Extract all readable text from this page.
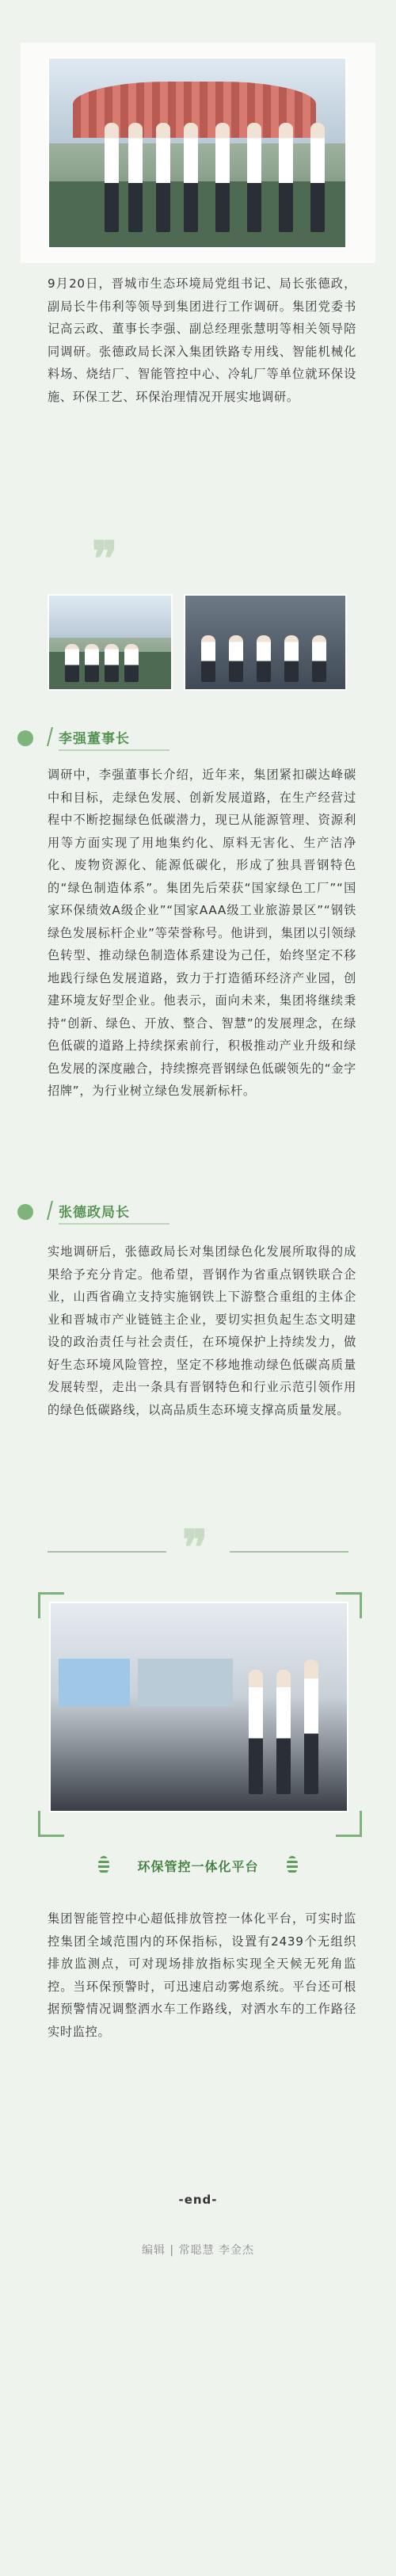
9月20日，晋城市生态环境局党组书记、局长张德政，副局长牛伟利等领导到集团进行工作调研。集团党委书记高云政、董事长李强、副总经理张慧明等相关领导陪同调研。张德政局长深入集团铁路专用线、智能机械化料场、烧结厂、智能管控中心、冷轧厂等单位就环保设施、环保工艺、环保治理情况开展实地调研。

❞
李强董事长

调研中，李强董事长介绍，近年来，集团紧扣碳达峰碳中和目标，走绿色发展、创新发展道路，在生产经营过程中不断挖掘绿色低碳潜力，现已从能源管理、资源利用等方面实现了用地集约化、原料无害化、生产洁净化、废物资源化、能源低碳化，形成了独具晋钢特色的“绿色制造体系”。集团先后荣获“国家绿色工厂”“国家环保绩效A级企业”“国家AAA级工业旅游景区”“钢铁绿色发展标杆企业”等荣誉称号。他讲到，集团以引领绿色转型、推动绿色制造体系建设为己任，始终坚定不移地践行绿色发展道路，致力于打造循环经济产业园，创建环境友好型企业。他表示，面向未来，集团将继续秉持“创新、绿色、开放、整合、智慧”的发展理念，在绿色低碳的道路上持续探索前行，积极推动产业升级和绿色发展的深度融合，持续擦亮晋钢绿色低碳领先的“金字招牌”，为行业树立绿色发展新标杆。

张德政局长

实地调研后，张德政局长对集团绿色化发展所取得的成果给予充分肯定。他希望，晋钢作为省重点钢铁联合企业，山西省确立支持实施钢铁上下游整合重组的主体企业和晋城市产业链链主企业，要切实担负起生态文明建设的政治责任与社会责任，在环境保护上持续发力，做好生态环境风险管控，坚定不移地推动绿色低碳高质量发展转型，走出一条具有晋钢特色和行业示范引领作用的绿色低碳路线，以高品质生态环境支撑高质量发展。

❞
环保管控一体化平台

集团智能管控中心超低排放管控一体化平台，可实时监控集团全域范围内的环保指标，设置有2439个无组织排放监测点，可对现场排放指标实现全天候无死角监控。当环保预警时，可迅速启动雾炮系统。平台还可根据预警情况调整洒水车工作路线，对洒水车的工作路径实时监控。

-end-
编辑 | 常聪慧 李金杰
